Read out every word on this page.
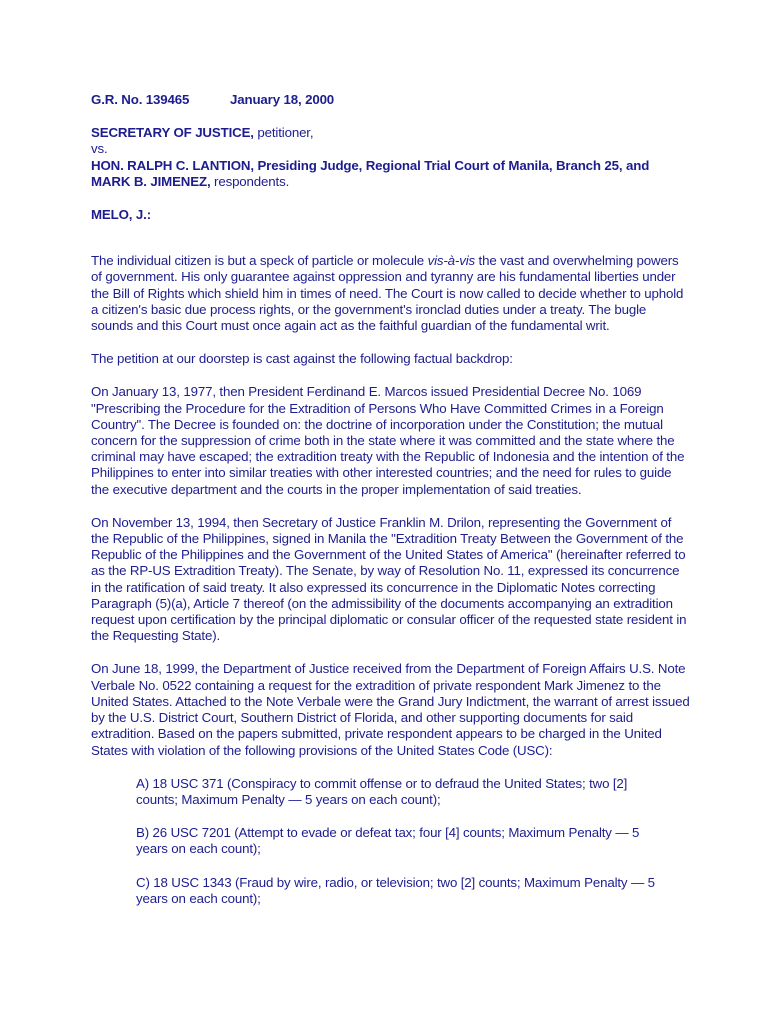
G.R. No. 139465	January 18, 2000
SECRETARY OF JUSTICE, petitioner,
vs.
HON. RALPH C. LANTION, Presiding Judge, Regional Trial Court of Manila, Branch 25, and
MARK B. JIMENEZ, respondents.
MELO, J.:

The individual citizen is but a speck of particle or molecule vis-à-vis the vast and overwhelming powers of government. His only guarantee against oppression and tyranny are his fundamental liberties under the Bill of Rights which shield him in times of need. The Court is now called to decide whether to uphold a citizen's basic due process rights, or the government's ironclad duties under a treaty. The bugle sounds and this Court must once again act as the faithful guardian of the fundamental writ.

The petition at our doorstep is cast against the following factual backdrop:

On January 13, 1977, then President Ferdinand E. Marcos issued Presidential Decree No. 1069 "Prescribing the Procedure for the Extradition of Persons Who Have Committed Crimes in a Foreign Country". The Decree is founded on: the doctrine of incorporation under the Constitution; the mutual concern for the suppression of crime both in the state where it was committed and the state where the criminal may have escaped; the extradition treaty with the Republic of Indonesia and the intention of the Philippines to enter into similar treaties with other interested countries; and the need for rules to guide the executive department and the courts in the proper implementation of said treaties.

On November 13, 1994, then Secretary of Justice Franklin M. Drilon, representing the Government of the Republic of the Philippines, signed in Manila the "Extradition Treaty Between the Government of the Republic of the Philippines and the Government of the United States of America" (hereinafter referred to as the RP-US Extradition Treaty). The Senate, by way of Resolution No. 11, expressed its concurrence in the ratification of said treaty. It also expressed its concurrence in the Diplomatic Notes correcting Paragraph (5)(a), Article 7 thereof (on the admissibility of the documents accompanying an extradition request upon certification by the principal diplomatic or consular officer of the requested state resident in the Requesting State).

On June 18, 1999, the Department of Justice received from the Department of Foreign Affairs U.S. Note Verbale No. 0522 containing a request for the extradition of private respondent Mark Jimenez to the United States. Attached to the Note Verbale were the Grand Jury Indictment, the warrant of arrest issued by the U.S. District Court, Southern District of Florida, and other supporting documents for said extradition. Based on the papers submitted, private respondent appears to be charged in the United States with violation of the following provisions of the United States Code (USC):

A) 18 USC 371 (Conspiracy to commit offense or to defraud the United States; two [2] counts; Maximum Penalty — 5 years on each count);
B) 26 USC 7201 (Attempt to evade or defeat tax; four [4] counts; Maximum Penalty — 5 years on each count);
C) 18 USC 1343 (Fraud by wire, radio, or television; two [2] counts; Maximum Penalty — 5 years on each count);
